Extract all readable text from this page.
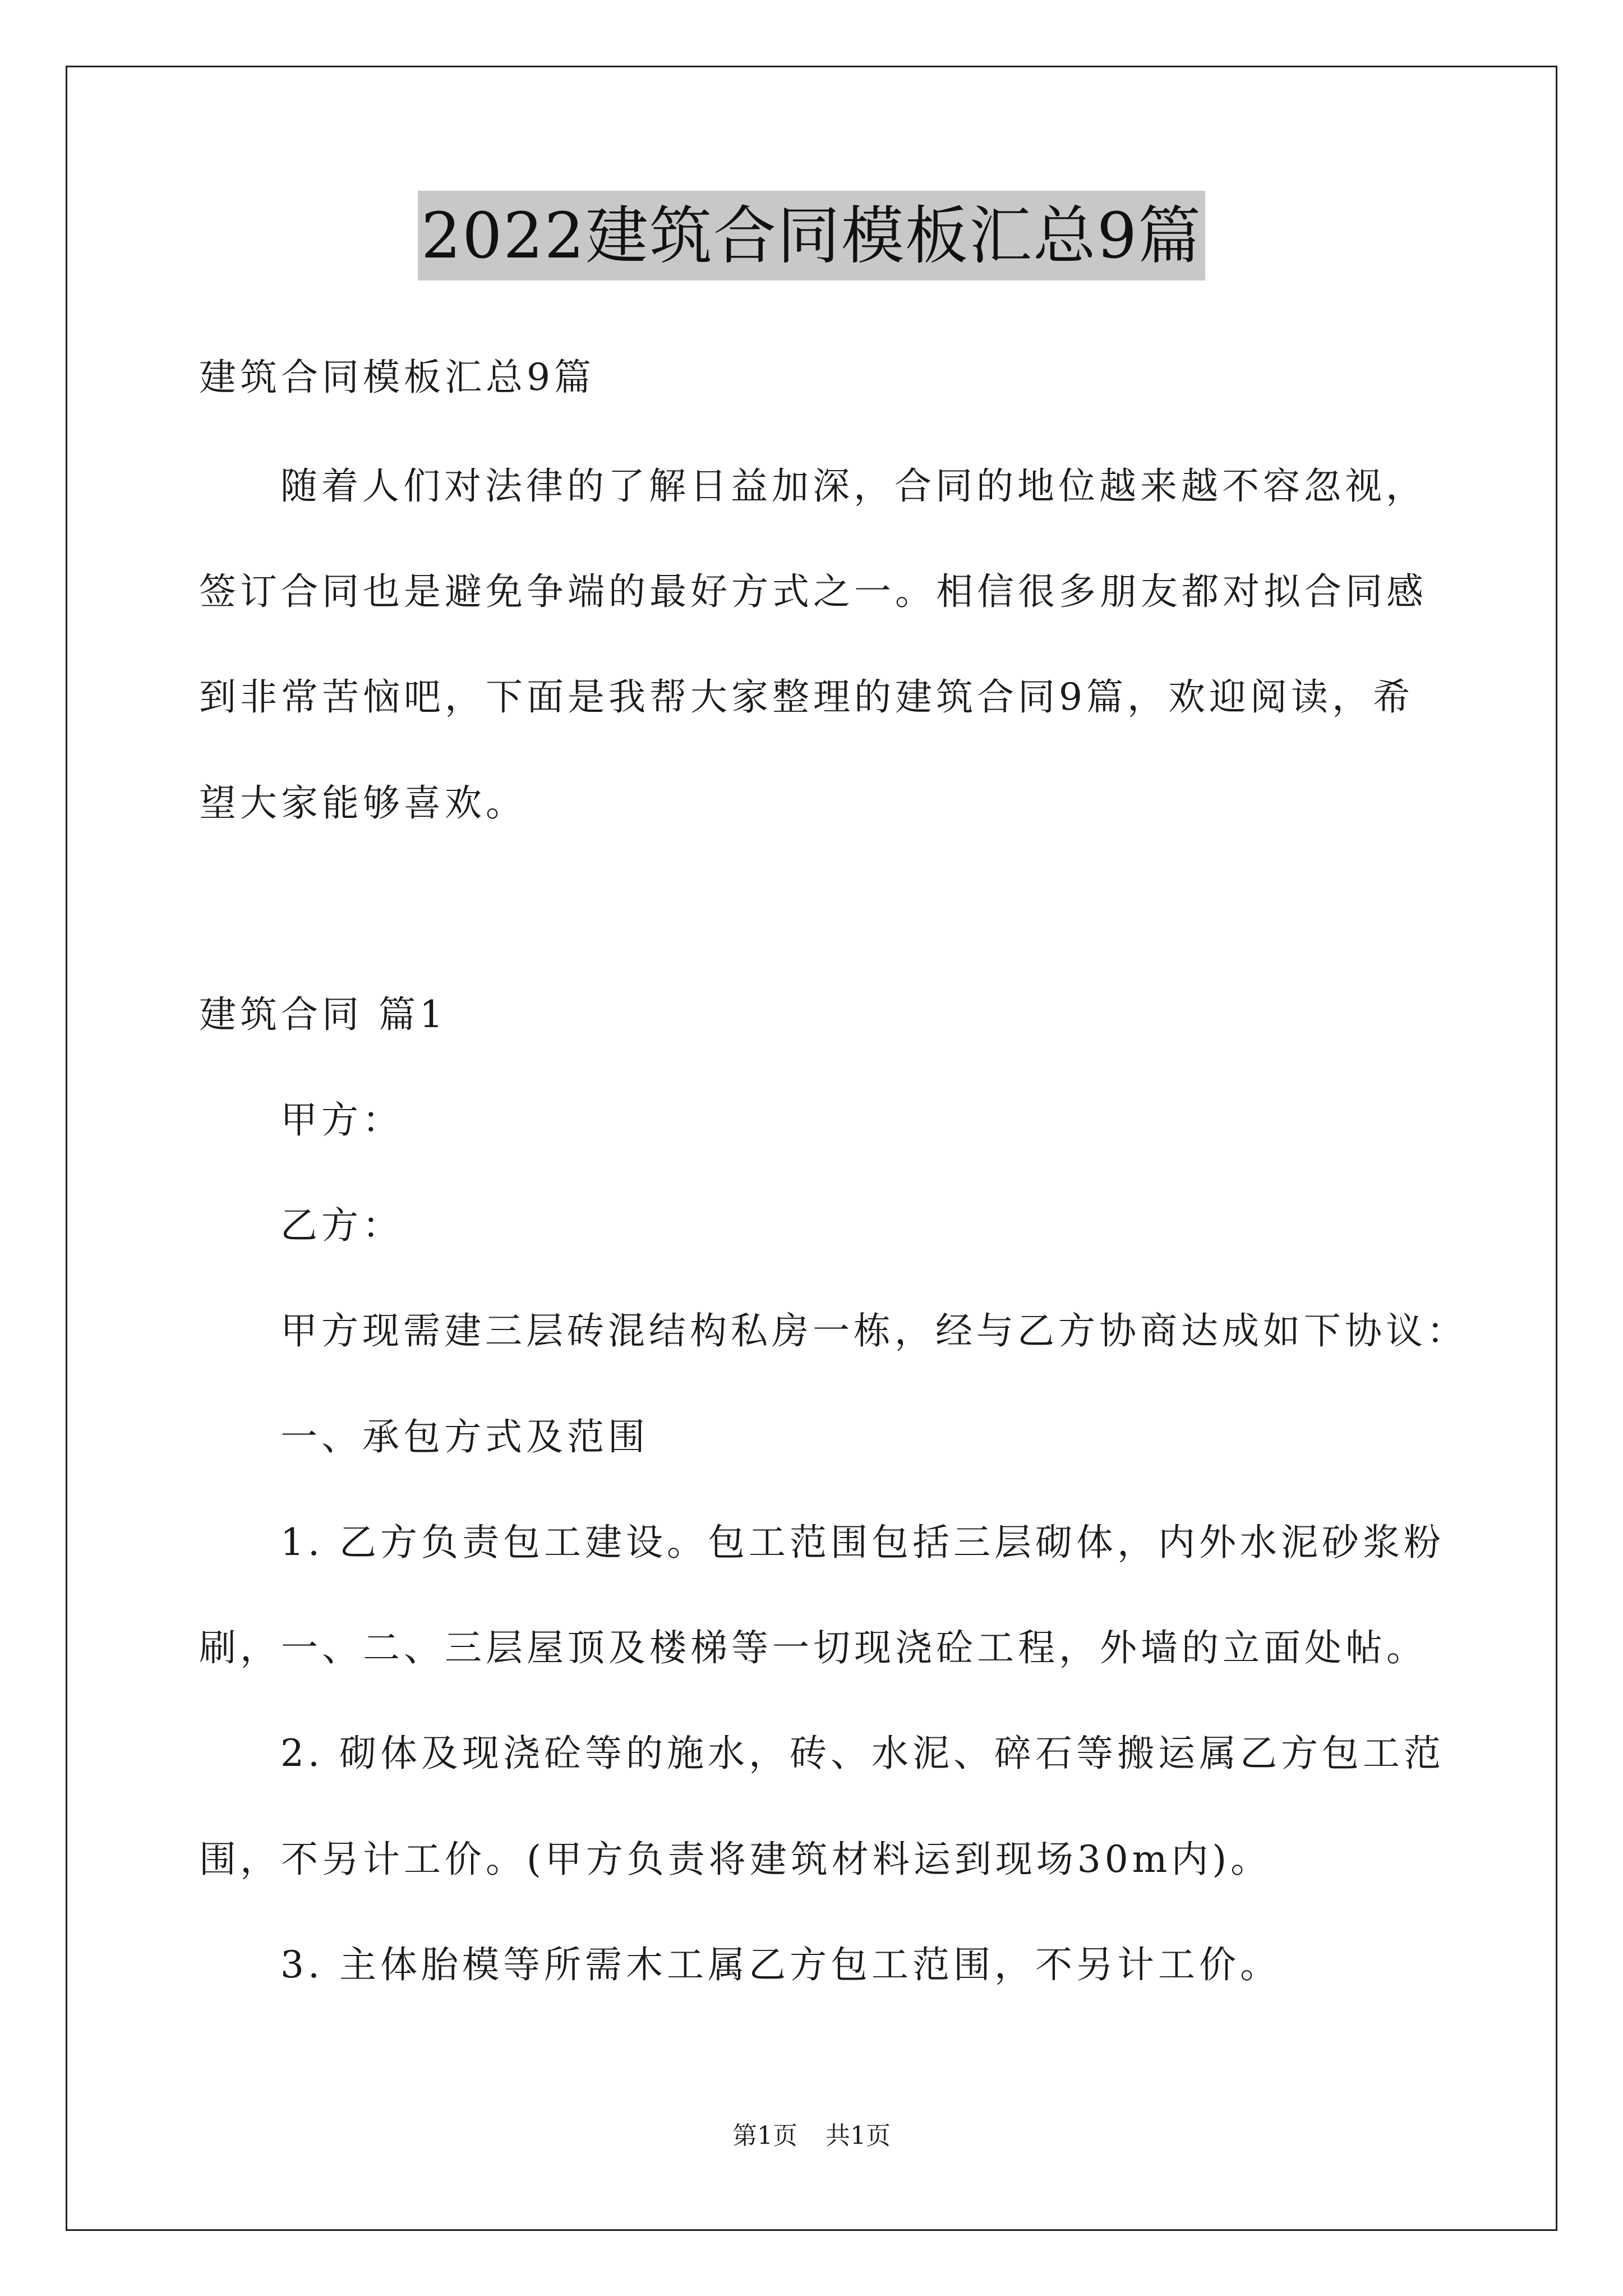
2022建筑合同模板汇总9篇
建筑合同模板汇总9篇
随着人们对法律的了解日益加深，合同的地位越来越不容忽视，
签订合同也是避免争端的最好方式之一。相信很多朋友都对拟合同感
到非常苦恼吧，下面是我帮大家整理的建筑合同9篇，欢迎阅读，希
望大家能够喜欢。
建筑合同 篇1
甲方：
乙方：
甲方现需建三层砖混结构私房一栋，经与乙方协商达成如下协议：
一、承包方式及范围
1. 乙方负责包工建设。包工范围包括三层砌体，内外水泥砂浆粉
刷，一、二、三层屋顶及楼梯等一切现浇砼工程，外墙的立面处帖。
2. 砌体及现浇砼等的施水，砖、水泥、碎石等搬运属乙方包工范
围，不另计工价。(甲方负责将建筑材料运到现场30m内)。
3. 主体胎模等所需木工属乙方包工范围，不另计工价。
第1页 共1页
